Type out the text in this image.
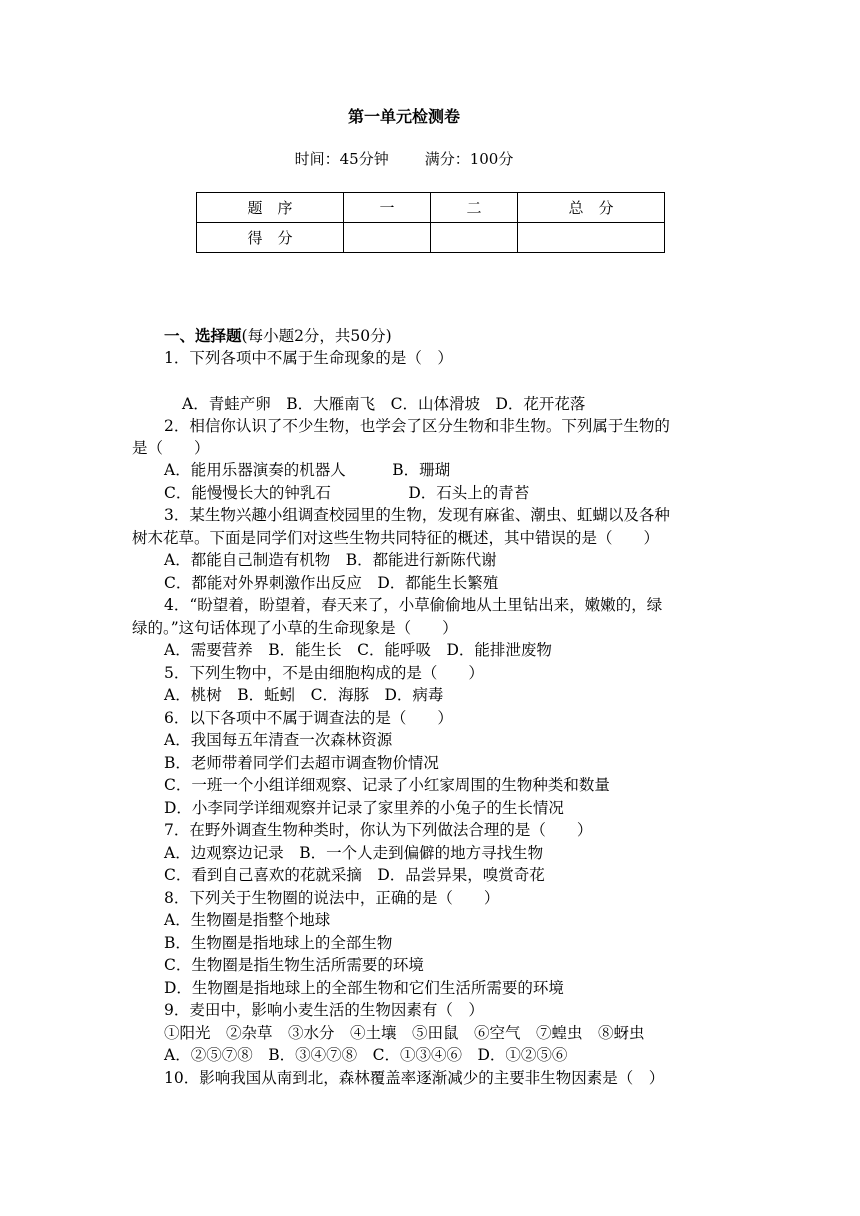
第一单元检测卷
时间：45分钟 满分：100分
题　序	一	二	总　分
得　分			
一、选择题(每小题2分，共50分)
1．下列各项中不属于生命现象的是（　）
A．青蛙产卵　B．大雁南飞　C．山体滑坡　D．花开花落
2．相信你认识了不少生物，也学会了区分生物和非生物。下列属于生物的
是（　　）
A．能用乐器演奏的机器人　　　B．珊瑚
C．能慢慢长大的钟乳石　　　　　D．石头上的青苔
3．某生物兴趣小组调查校园里的生物，发现有麻雀、潮虫、虹蝴以及各种
树木花草。下面是同学们对这些生物共同特征的概述，其中错误的是（　　）
A．都能自己制造有机物　B．都能进行新陈代谢
C．都能对外界刺激作出反应　D．都能生长繁殖
4．“盼望着，盼望着，春天来了，小草偷偷地从土里钻出来，嫩嫩的，绿
绿的。”这句话体现了小草的生命现象是（　　）
A．需要营养　B．能生长　C．能呼吸　D．能排泄废物
5．下列生物中，不是由细胞构成的是（　　）
A．桃树　B．蚯蚓　C．海豚　D．病毒
6．以下各项中不属于调查法的是（　　）
A．我国每五年清查一次森林资源
B．老师带着同学们去超市调查物价情况
C．一班一个小组详细观察、记录了小红家周围的生物种类和数量
D．小李同学详细观察并记录了家里养的小兔子的生长情况
7．在野外调查生物种类时，你认为下列做法合理的是（　　）
A．边观察边记录　B．一个人走到偏僻的地方寻找生物
C．看到自己喜欢的花就采摘　D．品尝异果，嗅赏奇花
8．下列关于生物圈的说法中，正确的是（　　）
A．生物圈是指整个地球
B．生物圈是指地球上的全部生物
C．生物圈是指生物生活所需要的环境
D．生物圈是指地球上的全部生物和它们生活所需要的环境
9．麦田中，影响小麦生活的生物因素有（　）
①阳光　②杂草　③水分　④土壤　⑤田鼠　⑥空气　⑦蝗虫　⑧蚜虫
A．②⑤⑦⑧　B．③④⑦⑧　C．①③④⑥　D．①②⑤⑥
10．影响我国从南到北，森林覆盖率逐渐减少的主要非生物因素是（　）
